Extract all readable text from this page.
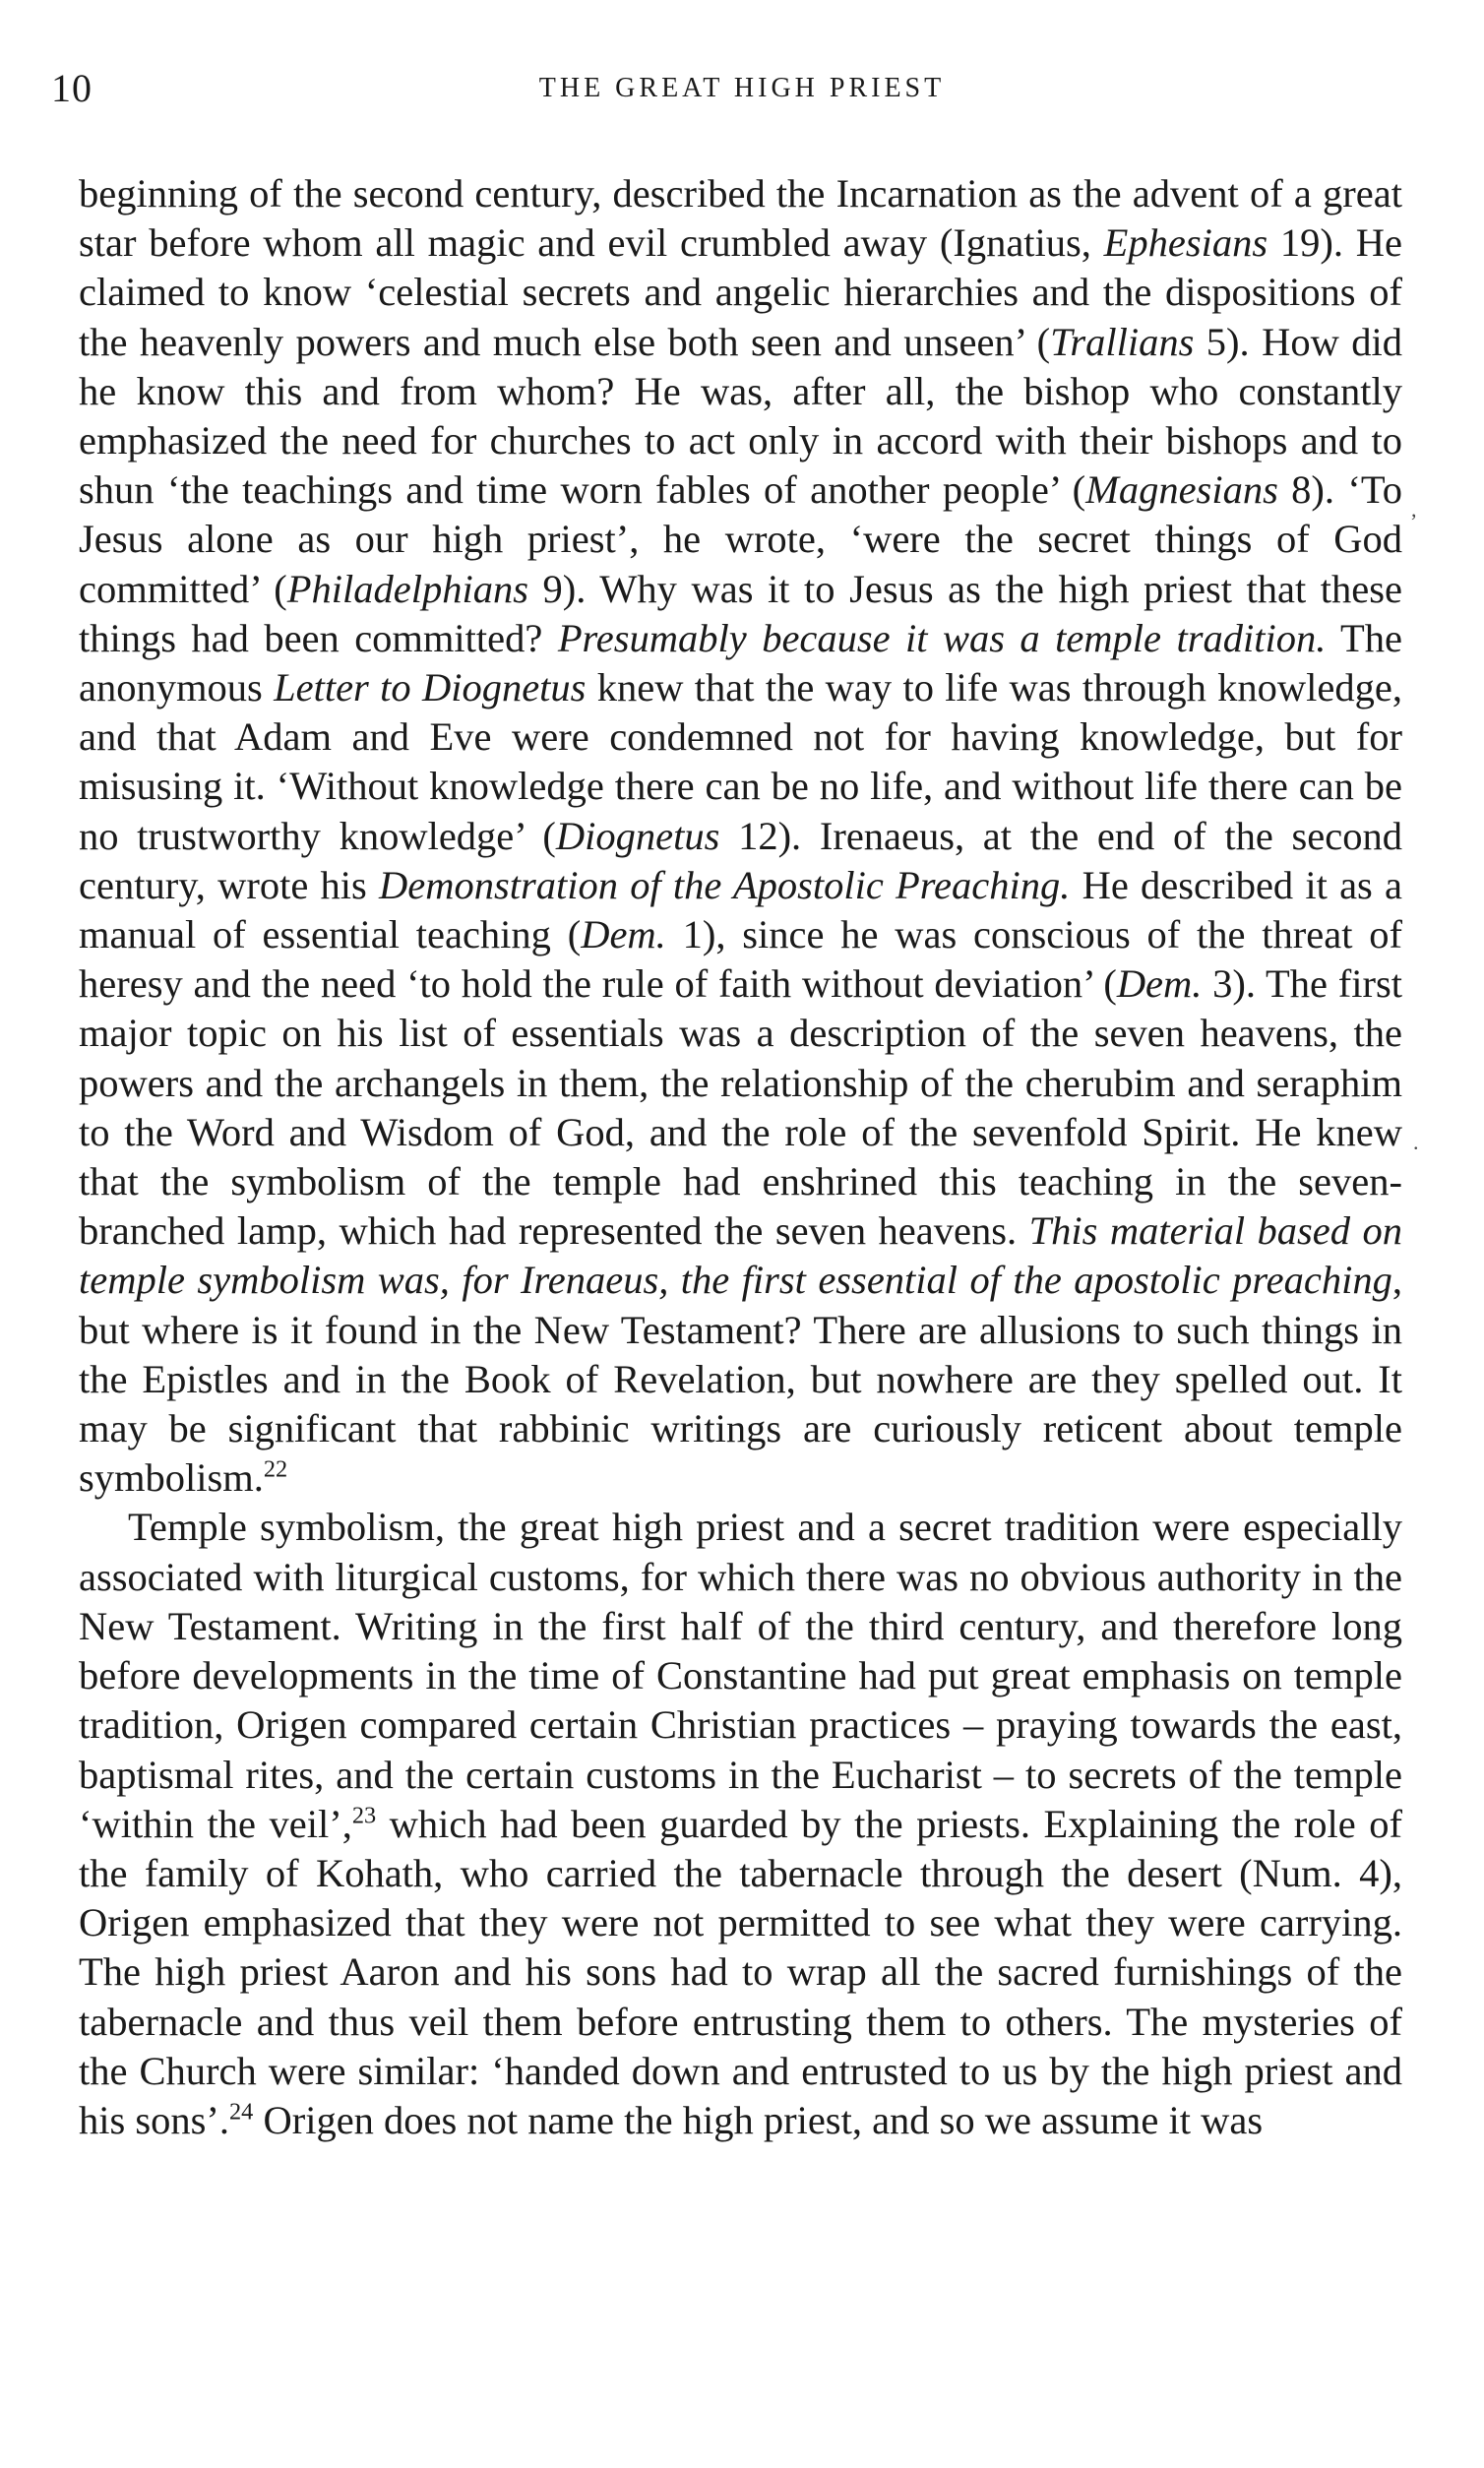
10	THE GREAT HIGH PRIEST

beginning of the second century, described the Incarnation as the advent of a great star before whom all magic and evil crumbled away (Ignatius, Ephesians 19). He claimed to know ‘celestial secrets and angelic hierarchies and the dispositions of the heavenly powers and much else both seen and unseen’ (Trallians 5). How did he know this and from whom? He was, after all, the bishop who constantly emphasized the need for churches to act only in accord with their bishops and to shun ‘the teachings and time worn fables of another people’ (Magnesians 8). ‘To Jesus alone as our high priest’, he wrote, ‘were the secret things of God committed’ (Philadelphians 9). Why was it to Jesus as the high priest that these things had been committed? Presumably because it was a temple tradition. The anonymous Letter to Diognetus knew that the way to life was through knowledge, and that Adam and Eve were condemned not for having knowledge, but for misusing it. ‘Without knowledge there can be no life, and without life there can be no trustworthy knowledge’ (Diognetus 12). Irenaeus, at the end of the second century, wrote his Demonstration of the Apostolic Preaching. He described it as a manual of essential teaching (Dem. 1), since he was conscious of the threat of heresy and the need ‘to hold the rule of faith without deviation’ (Dem. 3). The first major topic on his list of essentials was a description of the seven heavens, the powers and the archangels in them, the relationship of the cherubim and seraphim to the Word and Wisdom of God, and the role of the sevenfold Spirit. He knew that the symbolism of the temple had enshrined this teaching in the seven-branched lamp, which had represented the seven heavens. This material based on temple symbolism was, for Irenaeus, the first essential of the apostolic preaching, but where is it found in the New Testament? There are allusions to such things in the Epistles and in the Book of Revelation, but nowhere are they spelled out. It may be significant that rabbinic writings are curiously reticent about temple symbolism.$^{22}$

Temple symbolism, the great high priest and a secret tradition were especially associated with liturgical customs, for which there was no obvious authority in the New Testament. Writing in the first half of the third century, and therefore long before developments in the time of Constantine had put great emphasis on temple tradition, Origen compared certain Christian practices – praying towards the east, baptismal rites, and the certain customs in the Eucharist – to secrets of the temple ‘within the veil’,$^{23}$ which had been guarded by the priests. Explaining the role of the family of Kohath, who carried the tabernacle through the desert (Num. 4), Origen emphasized that they were not permitted to see what they were carrying. The high priest Aaron and his sons had to wrap all the sacred furnishings of the tabernacle and thus veil them before entrusting them to others. The mysteries of the Church were similar: ‘handed down and entrusted to us by the high priest and his sons’.$^{24}$ Origen does not name the high priest, and so we assume it was

,
.
